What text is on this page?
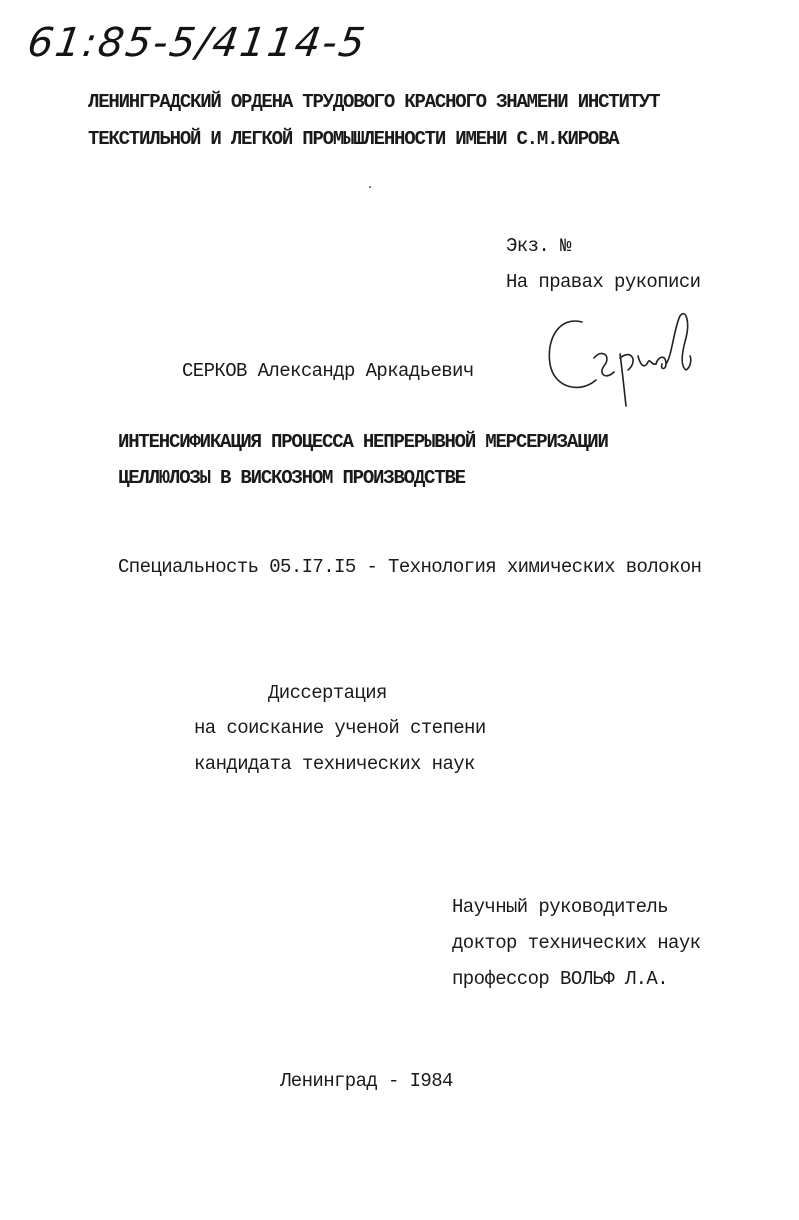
61:85-5/4114-5
ЛЕНИНГРАДСКИЙ ОРДЕНА ТРУДОВОГО КРАСНОГО ЗНАМЕНИ ИНСТИТУТ
ТЕКСТИЛЬНОЙ И ЛЕГКОЙ ПРОМЫШЛЕННОСТИ ИМЕНИ С.М.КИРОВА
Экз. №
На правах рукописи
СЕРКОВ Александр Аркадьевич
ИНТЕНСИФИКАЦИЯ ПРОЦЕССА НЕПРЕРЫВНОЙ МЕРСЕРИЗАЦИИ
ЦЕЛЛЮЛОЗЫ В ВИСКОЗНОМ ПРОИЗВОДСТВЕ
Специальность 05.I7.I5 - Технология химических волокон
Диссертация
на соискание ученой степени
кандидата технических наук
Научный руководитель
доктор технических наук
профессор ВОЛЬФ Л.А.
Ленинград - I984
